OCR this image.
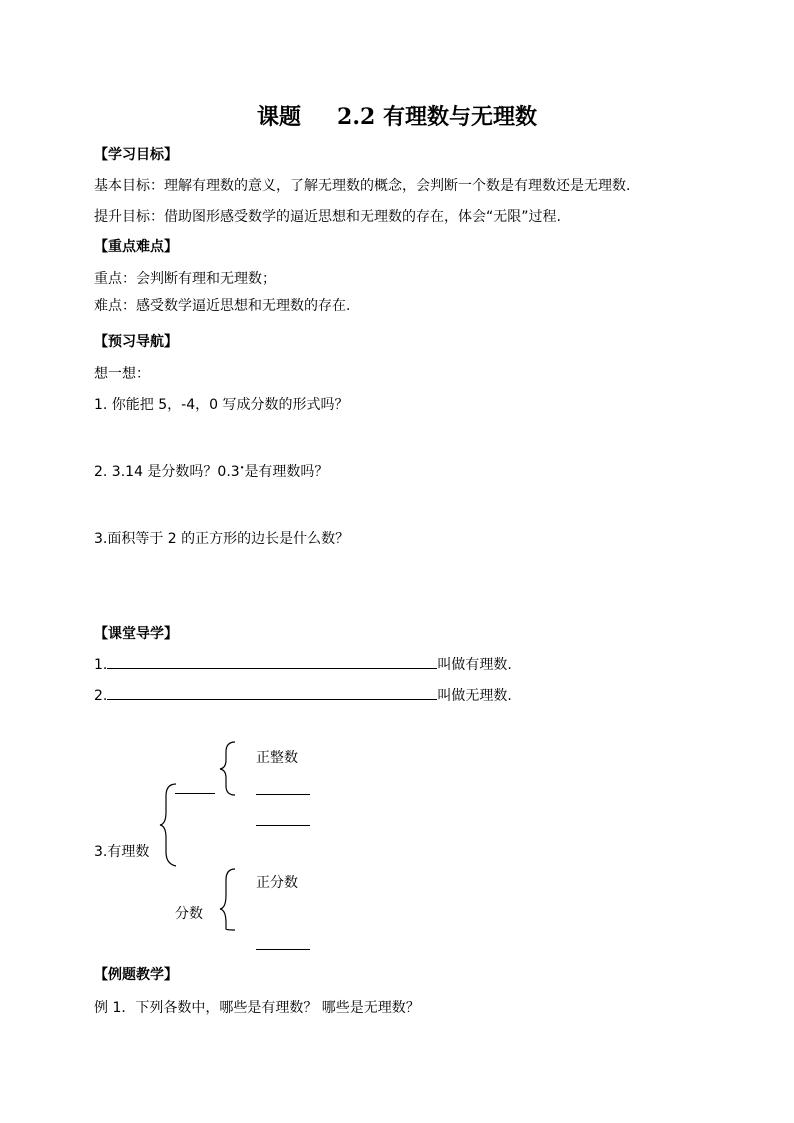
课题 2.2 有理数与无理数
【学习目标】
基本目标：理解有理数的意义，了解无理数的概念，会判断一个数是有理数还是无理数.
提升目标：借助图形感受数学的逼近思想和无理数的存在，体会“无限”过程.
【重点难点】
重点：会判断有理和无理数；
难点：感受数学逼近思想和无理数的存在.
【预习导航】
想一想：
1. 你能把 5，-4，0 写成分数的形式吗？
2. 3.14 是分数吗？0.3•是有理数吗？
3.面积等于 2 的正方形的边长是什么数？
【课堂导学】
1.	叫做有理数.
2.	叫做无理数.
正整数
3.有理数
正分数
分数
【例题教学】
例 1．下列各数中，哪些是有理数？ 哪些是无理数？
